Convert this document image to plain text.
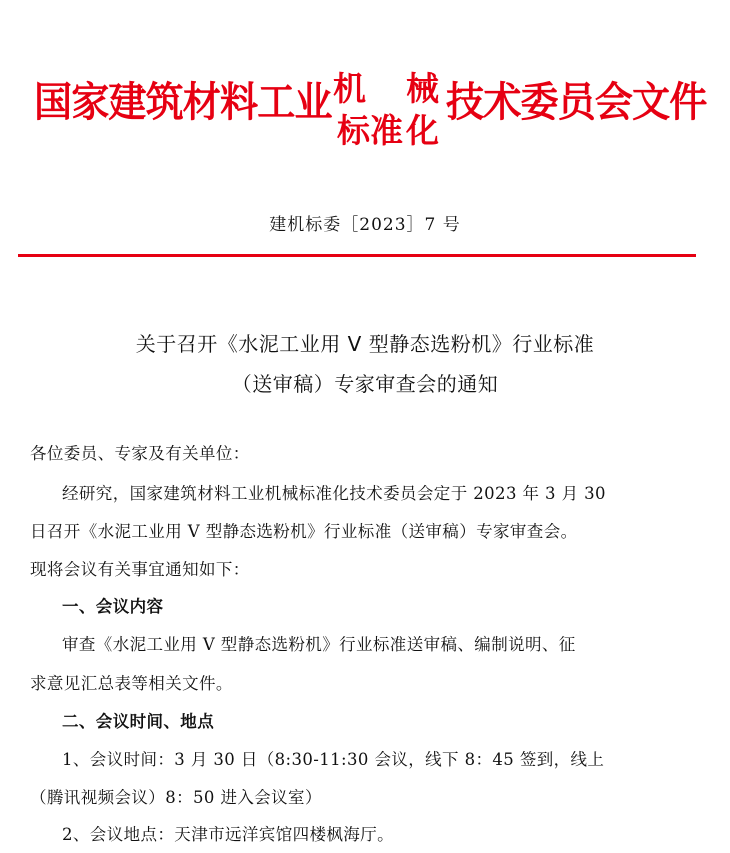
国家建筑材料工业 机 械
标准 化
技术委员会文件
建机标委［2023］7 号
关于召开《水泥工业用 V 型静态选粉机》行业标准
（送审稿）专家审查会的通知
各位委员、专家及有关单位：
经研究，国家建筑材料工业机械标准化技术委员会定于 2023 年 3 月 30
日召开《水泥工业用 V 型静态选粉机》行业标准（送审稿）专家审查会。
现将会议有关事宜通知如下：
一、会议内容
审查《水泥工业用 V 型静态选粉机》行业标准送审稿、编制说明、征
求意见汇总表等相关文件。
二、会议时间、地点
1、会议时间：3 月 30 日（8:30-11:30 会议，线下 8：45 签到，线上
（腾讯视频会议）8：50 进入会议室）
2、会议地点：天津市远洋宾馆四楼枫海厅。
